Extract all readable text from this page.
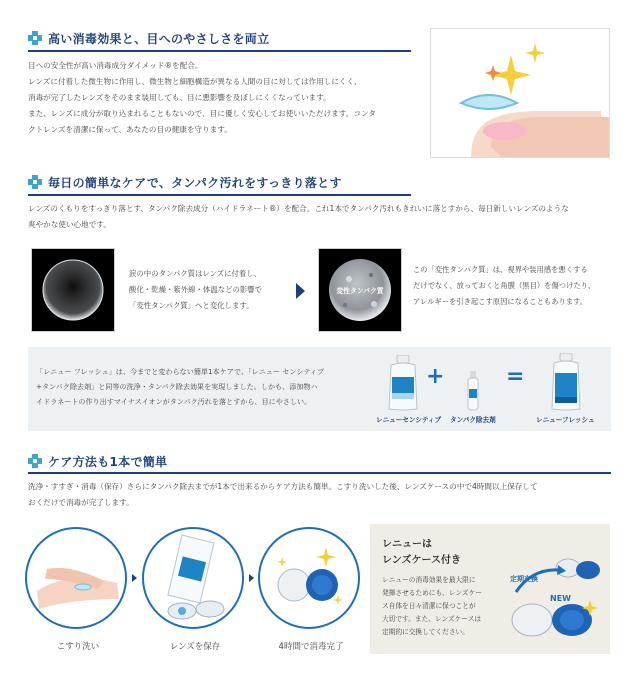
高い消毒効果と、目へのやさしさを両立
目への安全性が高い消毒成分ダイメッド®を配合。
レンズに付着した微生物に作用し、微生物と細胞構造が異なる人間の目に対しては作用しにくく、
消毒が完了したレンズをそのまま装用しても、目に悪影響を及ぼしにくくなっています。
また、レンズに成分が取り込まれることもないので、目に優しく安心してお使いいただけます。コンタ
クトレンズを清潔に保って、あなたの目の健康を守ります。
毎日の簡単なケアで、タンパク汚れをすっきり落とす
レンズのくもりをすっきり落とす、タンパク除去成分（ハイドラネート®）を配合。これ1本でタンパク汚れもきれいに落とすから、毎日新しいレンズのような
爽やかな使い心地です。
涙の中のタンパク質はレンズに付着し、
酸化・乾燥・紫外線・体温などの影響で
「変性タンパク質」へと変化します。
変性タンパク質
この「変性タンパク質」は、視界や装用感を悪くする
だけでなく、放っておくと角膜（黒目）を傷つけたり、
アレルギーを引き起こす原因になることもあります。
「レニュー フレッシュ」は、今までと変わらない簡単1本ケアで、「レニュー センシティブ
+タンパク除去剤」と同等の洗浄・タンパク除去効果を実現しました。しかも、添加物ハ
イドラネートの作り出すマイナスイオンがタンパク汚れを落とすから、目にやさしい。
+	=
レニューセンシティブ タンパク除去剤	レニューフレッシュ
ケア方法も1本で簡単
洗浄・すすぎ・消毒（保存）さらにタンパク除去までが1本で出来るからケア方法も簡単。こすり洗いした後、レンズケースの中で4時間以上保存して
おくだけで消毒が完了します。
こすり洗い	レンズを保存	4時間で消毒完了
レニューは
レンズケース付き
レニューの消毒効果を最大限に
発揮させるためにも、レンズケー
ス自体を日々清潔に保つことが
大切です。また、レンズケースは
定期的に交換してください。
定期交換
NEW
